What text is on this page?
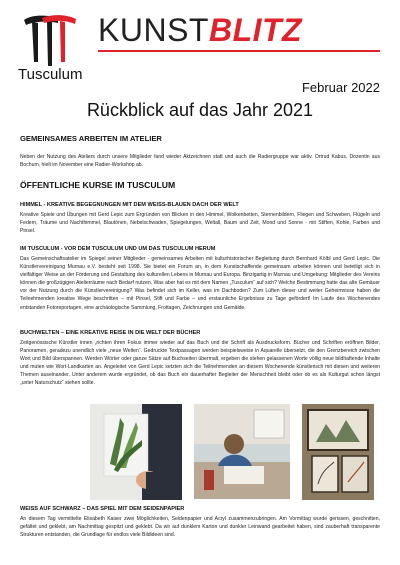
Tusculum
KUNSTBLITZ
Februar 2022
Rückblick auf das Jahr 2021
GEMEINSAMES ARBEITEN IM ATELIER
Neben der Nutzung des Ateliers durch unsere Mitglieder fand wieder Aktzeichnen statt und auch die Radiergruppe war aktiv. Ortrud Kabus, Dozentin aus Bochum, hielt im November eine Radier-Workshop ab.
ÖFFENTLICHE KURSE IM TUSCULUM
HIMMEL - KREATIVE BEGEGNUNGEN MIT DEM WEISS-BLAUEN DACH DER WELT
Kreative Spiele und Übungen mit Gerd Lepic zum Ergründen von Blicken in den Himmel, Wolkenbetten, Sternenbildern, Fliegen und Schweben, Flügeln und Federn, Träume und Nachthimmel, Blautönen, Nebelschwaden, Spiegelungen, Weltall, Baum und Zeit, Mond und Sonne - mit Stiften, Kohle, Farben und Pinsel.
IM TUSCULUM - VOR DEM TUSCULUM UND UM DAS TUSCULUM HERUM
Das Gemeinschaftsatelier im Spiegel seiner Mitglieder - gemeinsames Arbeiten mit kulturhistorischer Begleitung durch Bernhard Kölbl und Gerd Lepic. Die Künstlervereinigung Murnau e.V. besteht seit 1998. Sie bietet ein Forum an, in dem Kunstschaffende gemeinsam arbeiten können und beteiligt sich in vielfältiger Weise an der Förderung und Gestaltung des kulturellen Lebens in Murnau und Europa. Binzigartig in Murnau und Umgebung: Mitglieder des Vereins können die großzügigen Atelierräume nach Bedarf nutzen. Was aber hat es mit dem Namen „Tusculum“ auf sich? Welche Bestimmung hatte das alte Gemäuer vor der Nutzung durch die Künstlervereinigung? Was befindet sich im Keller, was im Dachboden? Zum Lüften dieser und weiter Geheimnisse haben die Teilnehmenden kreative Wege beschritten – mit Pinsel, Stift und Farbe – und erstaunliche Ergebnisse zu Tage gefördert! Im Laufe des Wochenendes entstanden Fotoreportagen, eine archäologische Sammlung, Frottagen, Zeichnungen und Gemälde.
BUCHWELTEN – EINE KREATIVE REISE IN DIE WELT DER BÜCHER
Zeitgenössische Künstler innen „richten ihren Fokus immer wieder auf das Buch und die Schrift als Ausdrucksform. Bücher und Schriften eröffnen Bilder, Panoramen, geradezu unendlich viele „neue Welten“. Gedruckte Textpassagen werden beispielsweise in Aquarelle übersetzt, die den Grenzbereich zwischen Wort und Bild überspannen. Werden Wörter oder ganze Sätze auf Buchseiten übermalt, ergeben die stehen gelassenen Worte völlig neue bildhaftende Inhalte und muten wie Wort-Landkarten an. Angeleitet von Gerd Lepic setzten sich die Teilnehmenden an diesem Wochenende künstlerisch mit diesen und weiteren Themen auseinander. Unter anderem wurde ergründet, ob das Buch ein dauerhafter Begleiter der Menschheit bleibt oder ob es als Kulturgut schon längst „unter Naturschutz“ stehen sollte.
WEISS AUF SCHWARZ – DAS SPIEL MIT DEM SEIDENPAPIER
An diesem Tag vermittelte Elisabeth Kaiser zwei Möglichkeiten, Seidenpapier und Acryl zusammenzubringen. Am Vormittag wurde gerissen, geschnitten, gefältet und geklebt, am Nachmittag gespitzt und geklebt. Da wir auf dunklem Karton und dunkler Leinwand gearbeitet haben, sind zauberhaft transparente Strukturen entstanden, die Grundlage für endlos viele Bildideen sind.
